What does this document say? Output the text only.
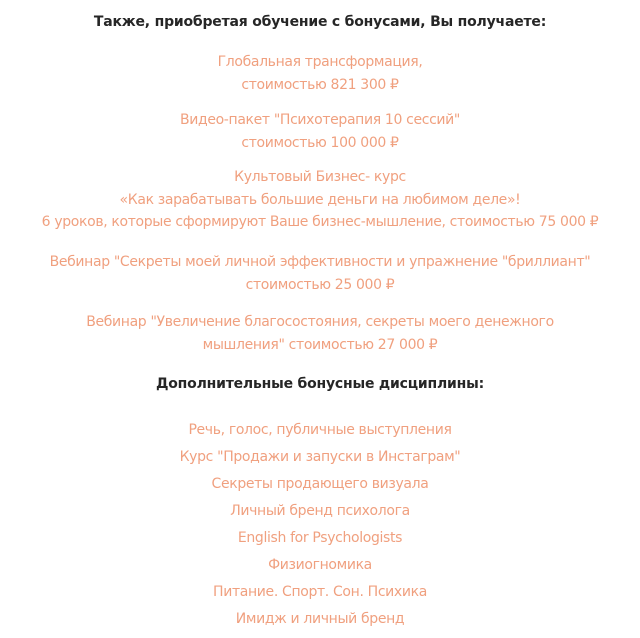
Также, приобретая обучение с бонусами, Вы получаете:
Глобальная трансформация,
стоимостью 821 300 ₽
Видео-пакет "Психотерапия 10 сессий"
стоимостью 100 000 ₽
Культовый Бизнес- курс
«Как зарабатывать большие деньги на любимом деле»!
6 уроков, которые сформируют Ваше бизнес-мышление, стоимостью 75 000 ₽
Вебинар "Секреты моей личной эффективности и упражнение "бриллиант"
стоимостью 25 000 ₽
Вебинар "Увеличение благосостояния, секреты моего денежного
мышления" стоимостью 27 000 ₽
Дополнительные бонусные дисциплины:
Речь, голос, публичные выступления
Курс "Продажи и запуски в Инстаграм"
Секреты продающего визуала
Личный бренд психолога
English for Psychologists
Физиогномика
Питание. Спорт. Сон. Психика
Имидж и личный бренд
